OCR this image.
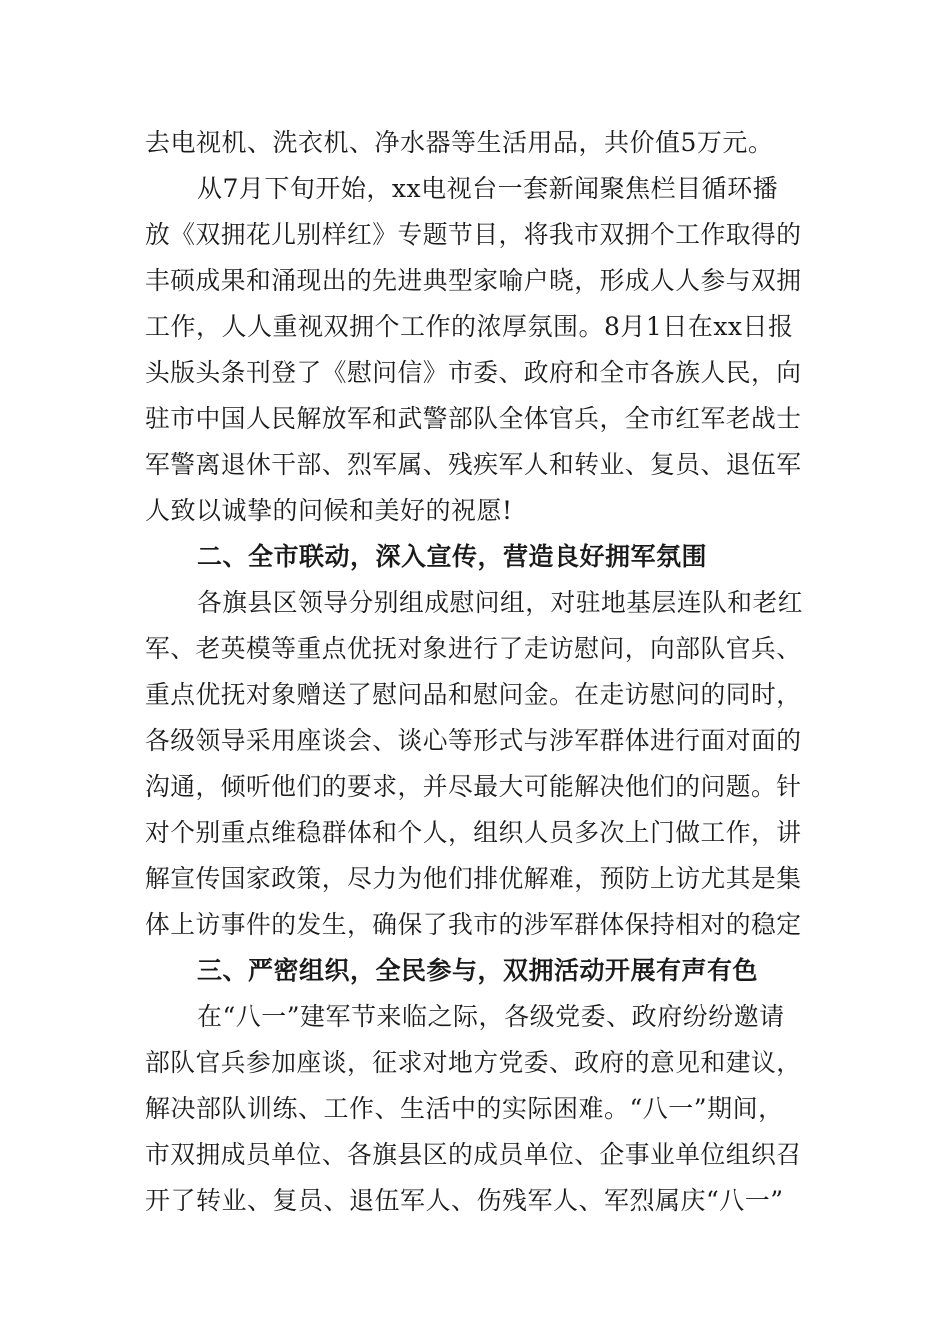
去电视机、洗衣机、净水器等生活用品，共价值5万元。

从7月下旬开始，xx电视台一套新闻聚焦栏目循环播

放《双拥花儿别样红》专题节目，将我市双拥个工作取得的

丰硕成果和涌现出的先进典型家喻户晓，形成人人参与双拥

工作，人人重视双拥个工作的浓厚氛围。8月1日在xx日报

头版头条刊登了《慰问信》市委、政府和全市各族人民，向

驻市中国人民解放军和武警部队全体官兵，全市红军老战士

军警离退休干部、烈军属、残疾军人和转业、复员、退伍军

人致以诚挚的问候和美好的祝愿!

二、全市联动，深入宣传，营造良好拥军氛围

各旗县区领导分别组成慰问组，对驻地基层连队和老红

军、老英模等重点优抚对象进行了走访慰问，向部队官兵、

重点优抚对象赠送了慰问品和慰问金。在走访慰问的同时，

各级领导采用座谈会、谈心等形式与涉军群体进行面对面的

沟通，倾听他们的要求，并尽最大可能解决他们的问题。针

对个别重点维稳群体和个人，组织人员多次上门做工作，讲

解宣传国家政策，尽力为他们排优解难，预防上访尤其是集

体上访事件的发生，确保了我市的涉军群体保持相对的稳定

三、严密组织，全民参与，双拥活动开展有声有色

在“八一”建军节来临之际，各级党委、政府纷纷邀请

部队官兵参加座谈，征求对地方党委、政府的意见和建议，

解决部队训练、工作、生活中的实际困难。“八一”期间，

市双拥成员单位、各旗县区的成员单位、企事业单位组织召

开了转业、复员、退伍军人、伤残军人、军烈属庆“八一”
